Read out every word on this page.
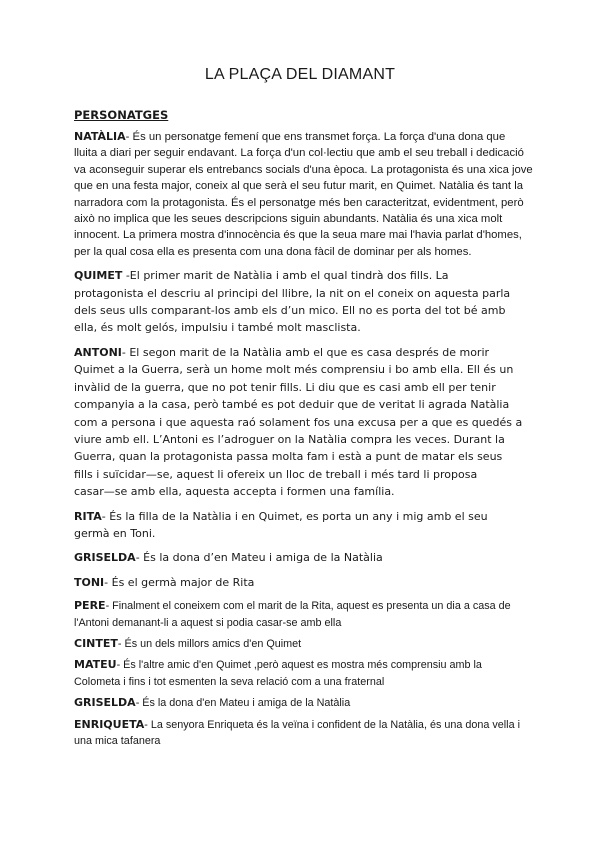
LA PLAÇA DEL DIAMANT
PERSONATGES
NATÀLIA- És un personatge femení que ens transmet força. La força d'una dona que
lluita a diari per seguir endavant. La força d'un col·lectiu que amb el seu treball i dedicació
va aconseguir superar els entrebancs socials d'una època. La protagonista és una xica jove
que en una festa major, coneix al que serà el seu futur marit, en Quimet. Natàlia és tant la
narradora com la protagonista. És el personatge més ben caracteritzat, evidentment, però
això no implica que les seues descripcions siguin abundants. Natàlia és una xica molt
innocent. La primera mostra d'innocència és que la seua mare mai l'havia parlat d'homes,
per la qual cosa ella es presenta com una dona fàcil de dominar per als homes.
QUIMET -El primer marit de Natàlia i amb el qual tindrà dos fills. La
protagonista el descriu al principi del llibre, la nit on el coneix on aquesta parla
dels seus ulls comparant-los amb els d’un mico. Ell no es porta del tot bé amb
ella, és molt gelós, impulsiu i també molt masclista.
ANTONI- El segon marit de la Natàlia amb el que es casa després de morir
Quimet a la Guerra, serà un home molt més comprensiu i bo amb ella. Ell és un
invàlid de la guerra, que no pot tenir fills. Li diu que es casi amb ell per tenir
companyia a la casa, però també es pot deduir que de veritat li agrada Natàlia
com a persona i que aquesta raó solament fos una excusa per a que es quedés a
viure amb ell. L’Antoni es l’adroguer on la Natàlia compra les veces. Durant la
Guerra, quan la protagonista passa molta fam i està a punt de matar els seus
fills i suïcidar—se, aquest li ofereix un lloc de treball i més tard li proposa
casar—se amb ella, aquesta accepta i formen una família.
RITA- És la filla de la Natàlia i en Quimet, es porta un any i mig amb el seu
germà en Toni.
GRISELDA- És la dona d’en Mateu i amiga de la Natàlia
TONI- És el germà major de Rita
PERE- Finalment el coneixem com el marit de la Rita, aquest es presenta un dia a casa de
l'Antoni demanant-li a aquest si podia casar-se amb ella
CINTET- És un dels millors amics d'en Quimet
MATEU- És l'altre amic d'en Quimet ,però aquest es mostra més comprensiu amb la
Colometa i fins i tot esmenten la seva relació com a una fraternal
GRISELDA- És la dona d'en Mateu i amiga de la Natàlia
ENRIQUETA- La senyora Enriqueta és la veïna i confident de la Natàlia, és una dona vella i
una mica tafanera
